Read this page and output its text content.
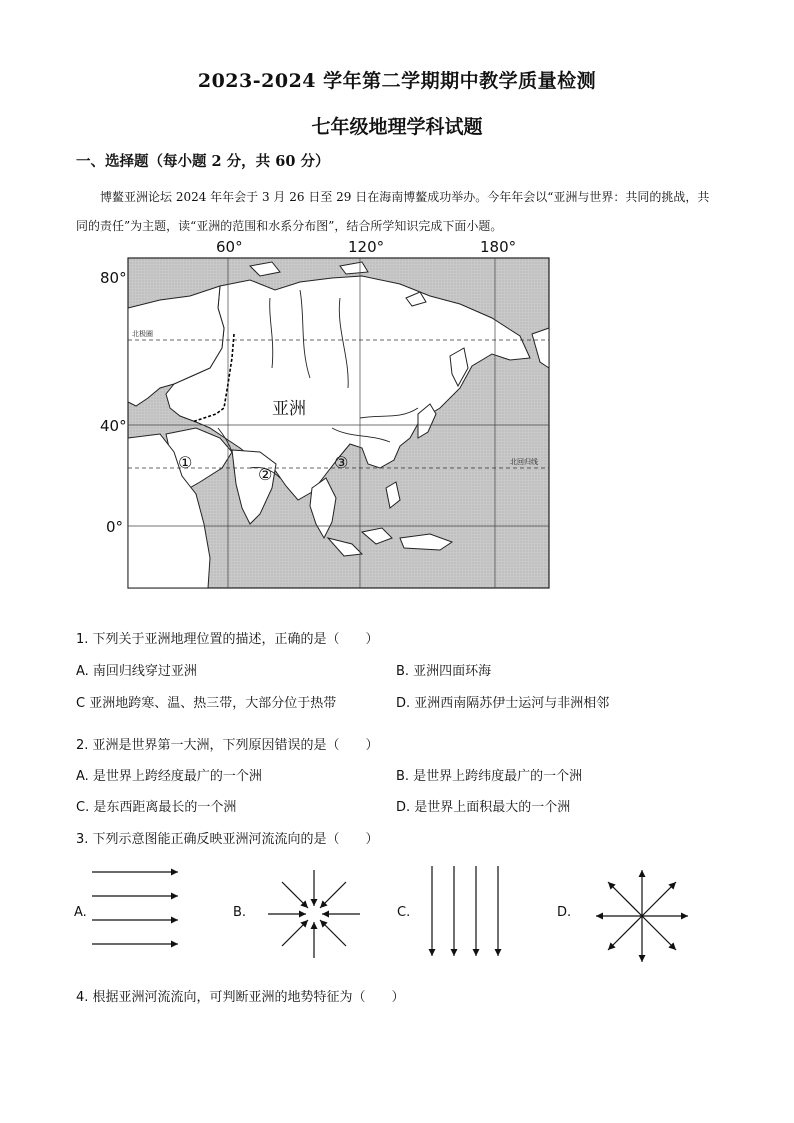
2023-2024 学年第二学期期中教学质量检测
七年级地理学科试题
一、选择题（每小题 2 分，共 60 分）
博鳌亚洲论坛 2024 年年会于 3 月 26 日至 29 日在海南博鳌成功举办。今年年会以“亚洲与世界：共同的挑战，共同的责任”为主题，读“亚洲的范围和水系分布图”，结合所学知识完成下面小题。
60°	120°	180°
80°
40°
0°
北极圈
北回归线
亚洲
①
②
③
1. 下列关于亚洲地理位置的描述，正确的是（　　）
A. 南回归线穿过亚洲	B. 亚洲四面环海
C 亚洲地跨寒、温、热三带，大部分位于热带	D. 亚洲西南隔苏伊士运河与非洲相邻
2. 亚洲是世界第一大洲，下列原因错误的是（　　）
A. 是世界上跨经度最广的一个洲	B. 是世界上跨纬度最广的一个洲
C. 是东西距离最长的一个洲	D. 是世界上面积最大的一个洲
3. 下列示意图能正确反映亚洲河流流向的是（　　）
A.	B.	C.	D.
4. 根据亚洲河流流向，可判断亚洲的地势特征为（　　）
